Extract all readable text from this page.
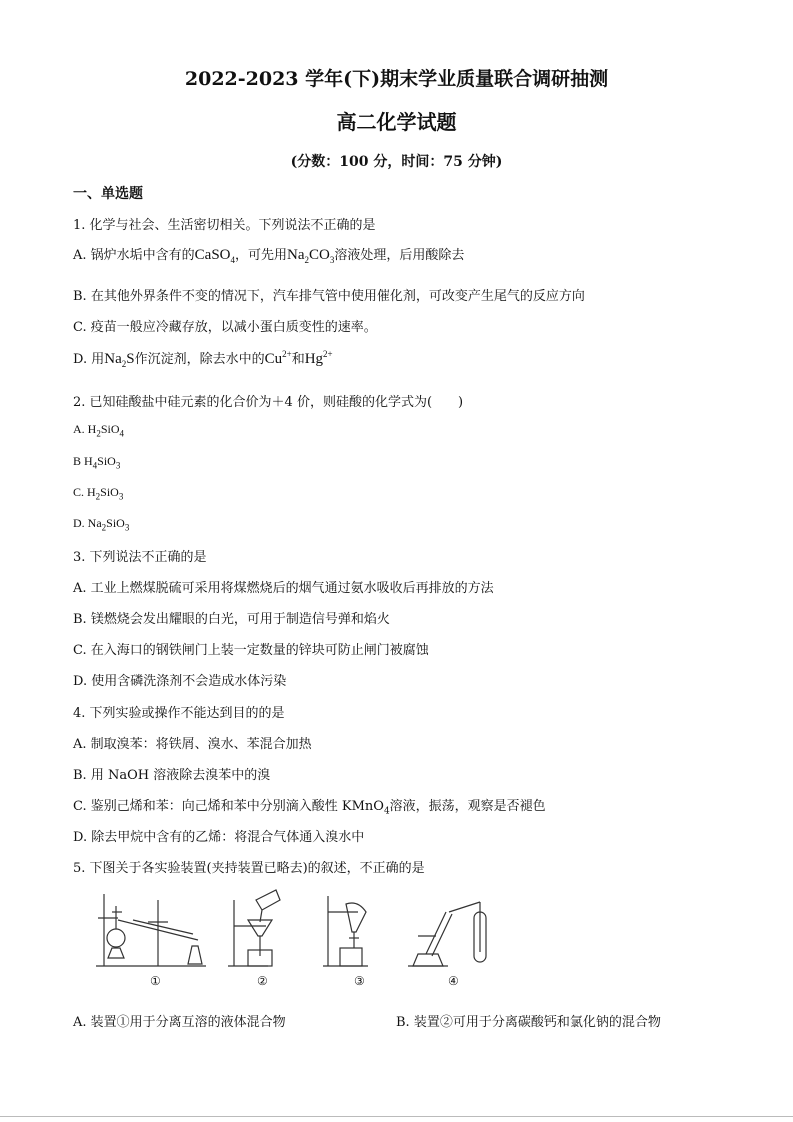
2022-2023 学年(下)期末学业质量联合调研抽测
高二化学试题
(分数：100 分，时间：75 分钟)
一、单选题
1. 化学与社会、生活密切相关。下列说法不正确的是
A. 锅炉水垢中含有的CaSO$_4$，可先用$Na_2CO_3$溶液处理，后用酸除去
B. 在其他外界条件不变的情况下，汽车排气管中使用催化剂，可改变产生尾气的反应方向
C. 疫苗一般应冷藏存放，以减小蛋白质变性的速率。
D. 用$Na_2S$作沉淀剂，除去水中的$Cu^{2+}$和$Hg^{2+}$
2. 已知硅酸盐中硅元素的化合价为＋4 价，则硅酸的化学式为(　　)
A. $H_2SiO_4$
B $H_4SiO_3$
C. $H_2SiO_3$
D. $Na_2SiO_3$
3. 下列说法不正确的是
A. 工业上燃煤脱硫可采用将煤燃烧后的烟气通过氨水吸收后再排放的方法
B. 镁燃烧会发出耀眼的白光，可用于制造信号弹和焰火
C. 在入海口的钢铁闸门上装一定数量的锌块可防止闸门被腐蚀
D. 使用含磷洗涤剂不会造成水体污染
4. 下列实验或操作不能达到目的的是
A. 制取溴苯：将铁屑、溴水、苯混合加热
B. 用 NaOH 溶液除去溴苯中的溴
C. 鉴别己烯和苯：向己烯和苯中分别滴入酸性 KMnO$_4$溶液，振荡，观察是否褪色
D. 除去甲烷中含有的乙烯：将混合气体通入溴水中
5. 下图关于各实验装置(夹持装置已略去)的叙述，不正确的是
①	②	③	④
A. 装置①用于分离互溶的液体混合物	B. 装置②可用于分离碳酸钙和氯化钠的混合物
